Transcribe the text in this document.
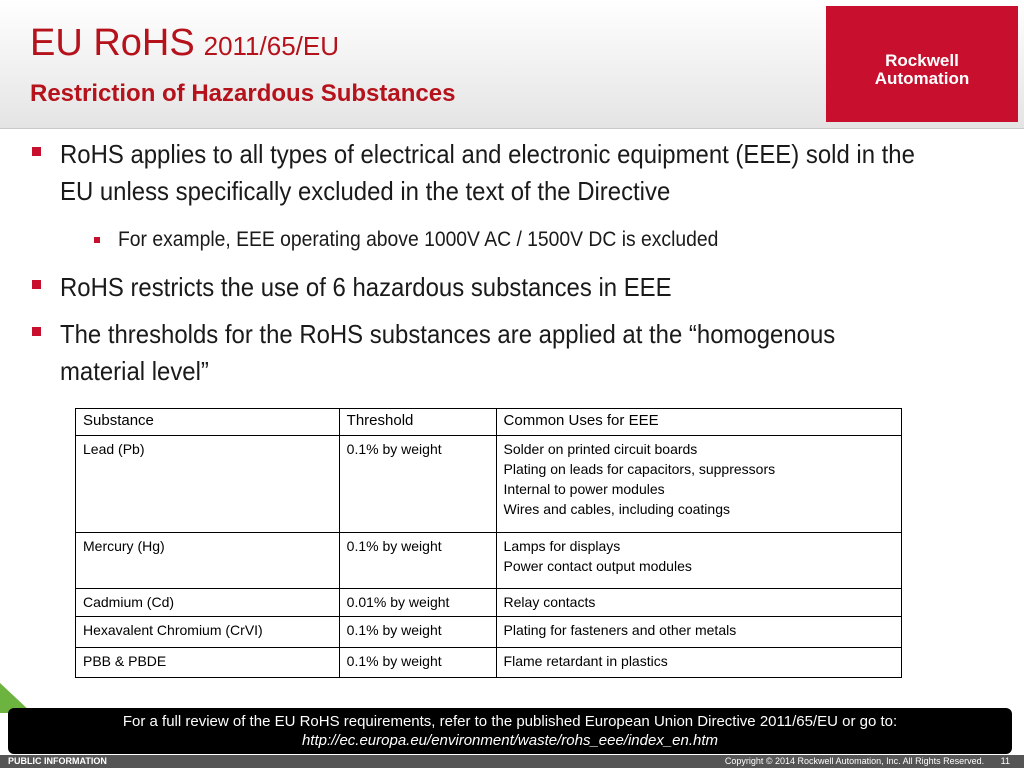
EU RoHS 2011/65/EU
Restriction of Hazardous Substances
Rockwell
Automation
RoHS applies to all types of electrical and electronic equipment (EEE) sold in the EU unless specifically excluded in the text of the Directive
For example, EEE operating above 1000V AC / 1500V DC is excluded
RoHS restricts the use of 6 hazardous substances in EEE
The thresholds for the RoHS substances are applied at the “homogenous material level”
Substance	Threshold	Common Uses for EEE
Lead (Pb)	0.1% by weight	Solder on printed circuit boards
Plating on leads for capacitors, suppressors
Internal to power modules
Wires and cables, including coatings

Mercury (Hg)	0.1% by weight	Lamps for displays
Power contact output modules

Cadmium (Cd)	0.01% by weight	Relay contacts

Hexavalent Chromium (CrVI)	0.1% by weight	Plating for fasteners and other metals

PBB & PBDE	0.1% by weight	Flame retardant in plastics
For a full review of the EU RoHS requirements, refer to the published European Union Directive 2011/65/EU or go to:
http://ec.europa.eu/environment/waste/rohs_eee/index_en.htm
PUBLIC INFORMATION	Copyright © 2014 Rockwell Automation, Inc. All Rights Reserved. 11
